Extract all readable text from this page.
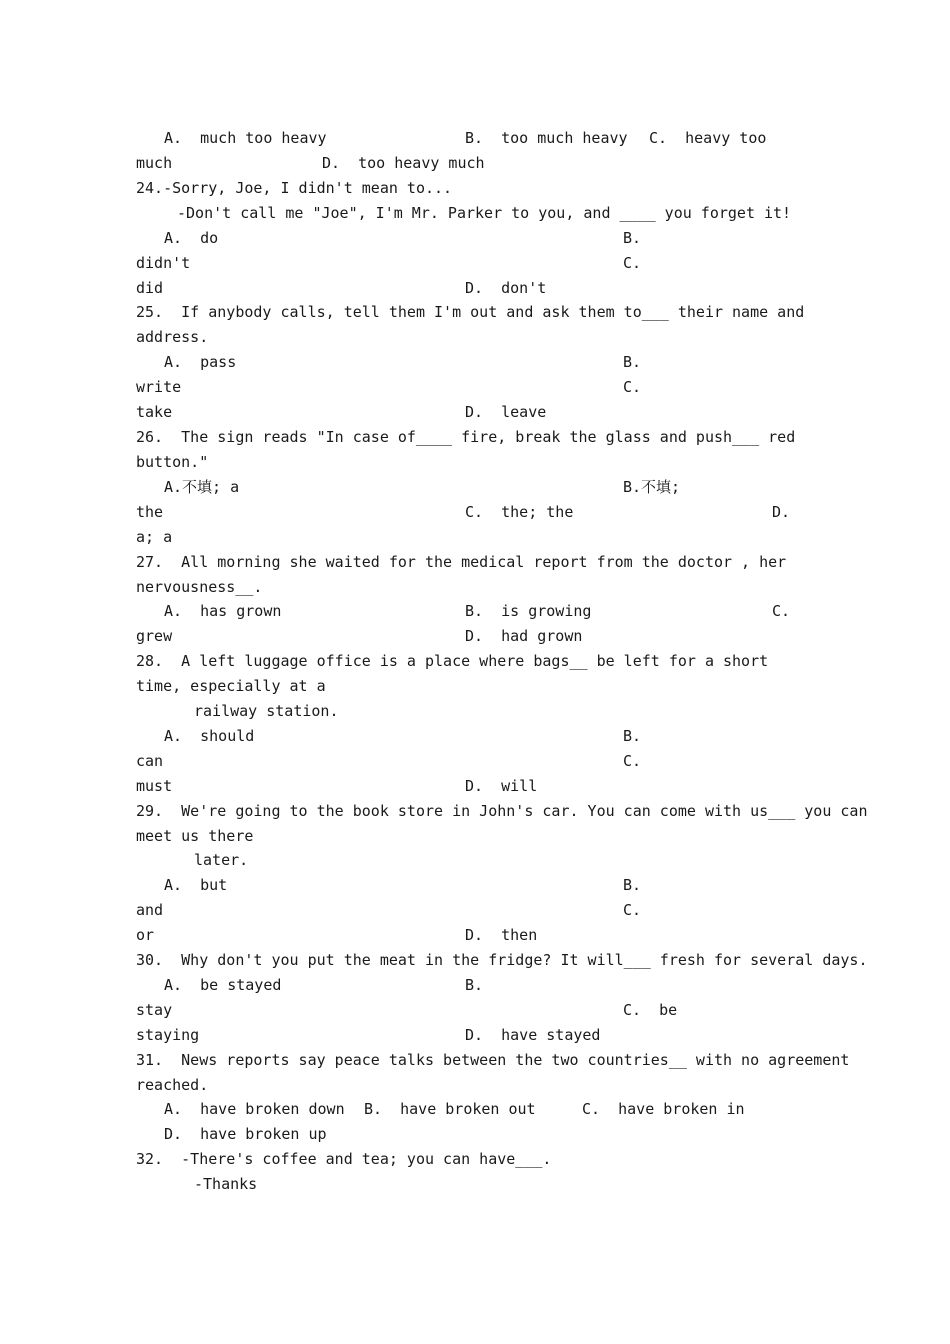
A.  much too heavy	B.  too much heavy C.  heavy too
much	D.  too heavy much
24.-Sorry, Joe, I didn't mean to...
-Don't call me "Joe", I'm Mr. Parker to you, and ____ you forget it!
A.  do	B.
didn't	C.
did	D.  don't
25.  If anybody calls, tell them I'm out and ask them to___ their name and
address.
A.  pass	B.
write	C.
take	D.  leave
26.  The sign reads "In case of____ fire, break the glass and push___ red
button."
A.不填; a	B.不填;
the	C.  the; the	D.
a; a
27.  All morning she waited for the medical report from the doctor , her
nervousness__.
A.  has grown	B.  is growing	C.
grew	D.  had grown
28.  A left luggage office is a place where bags__ be left for a short
time, especially at a
railway station.
A.  should	B.
can	C.
must	D.  will
29.  We're going to the book store in John's car. You can come with us___ you can
meet us there
later.
A.  but	B.
and	C.
or	D.  then
30.  Why don't you put the meat in the fridge? It will___ fresh for several days.
A.  be stayed	B.
stay	C.  be
staying	D.  have stayed
31.  News reports say peace talks between the two countries__ with no agreement
reached.
A.  have broken down B.  have broken out	C.  have broken in
D.  have broken up
32.  -There's coffee and tea; you can have___.
-Thanks
